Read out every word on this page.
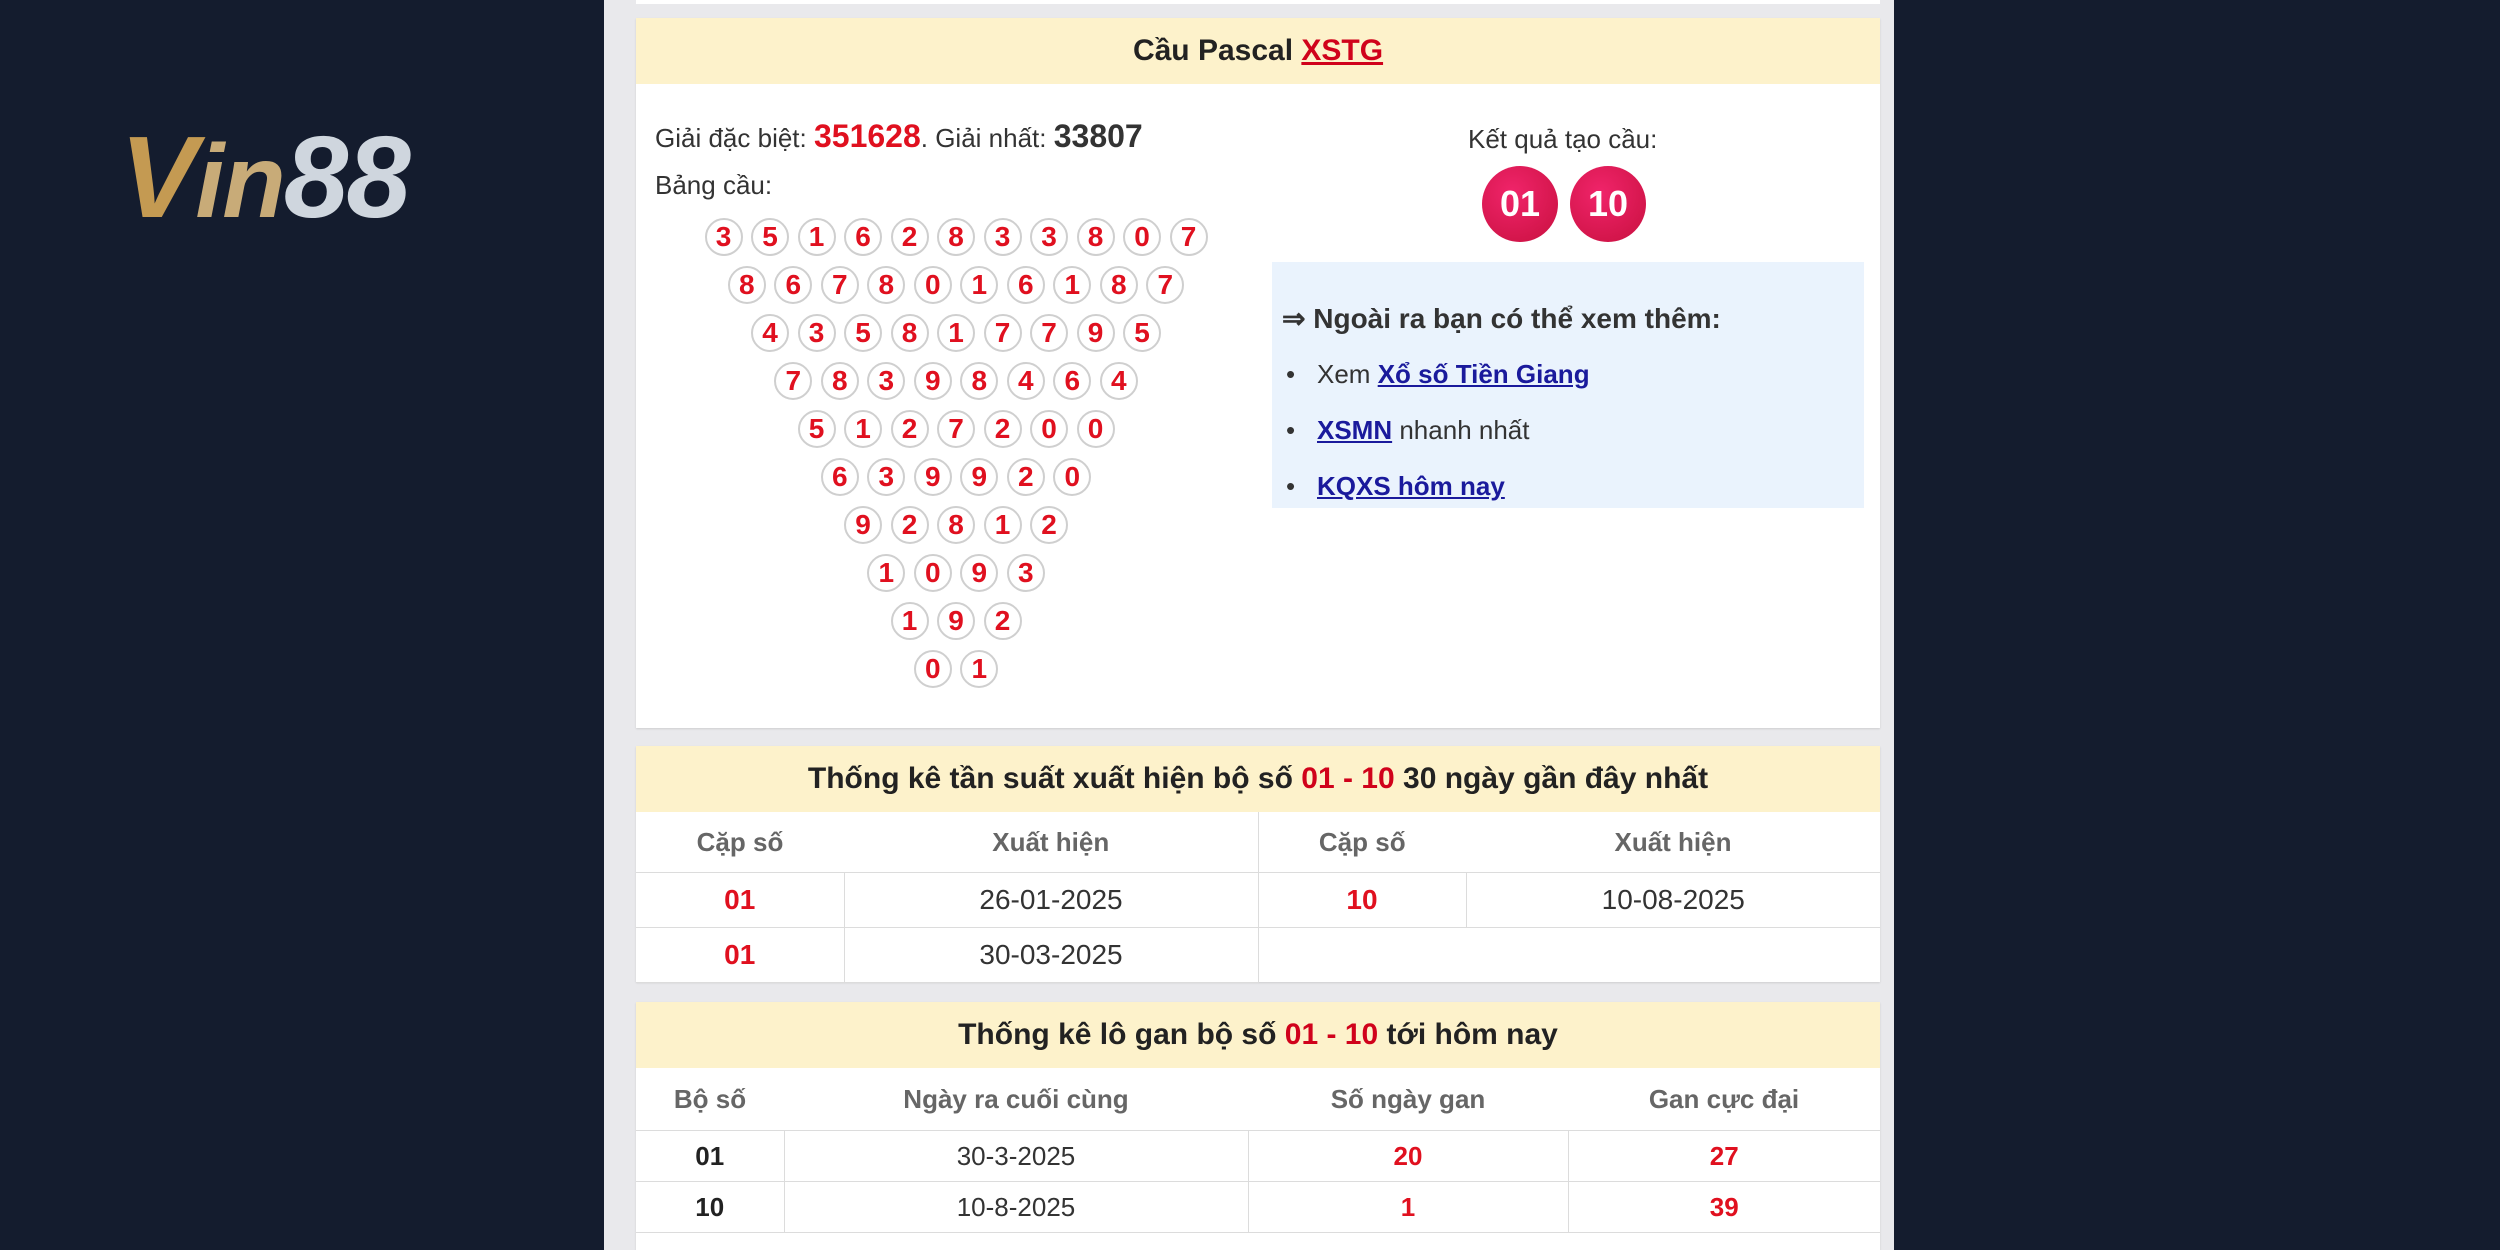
Vin88
Cầu Pascal XSTG
Giải đặc biệt: 351628. Giải nhất: 33807
Bảng cầu:
3	5	1	6	2	8	3	3	8	0	7
8	6	7	8	0	1	6	1	8	7
4	3	5	8	1	7	7	9	5
7	8	3	9	8	4	6	4
5	1	2	7	2	0	0
6	3	9	9	2	0
9	2	8	1	2
1	0	9	3
1	9	2
0	1
Kết quả tạo cầu:
01	10
⇒ Ngoài ra bạn có thể xem thêm:
• Xem Xổ số Tiền Giang
• XSMN nhanh nhất
• KQXS hôm nay
Thống kê tần suất xuất hiện bộ số 01 - 10 30 ngày gần đây nhất
Cặp số	Xuất hiện	Cặp số	Xuất hiện
01	26-01-2025	10	10-08-2025
01	30-03-2025		
Thống kê lô gan bộ số 01 - 10 tới hôm nay
Bộ số	Ngày ra cuối cùng	Số ngày gan	Gan cực đại
01	30-3-2025	20	27
10	10-8-2025	1	39
